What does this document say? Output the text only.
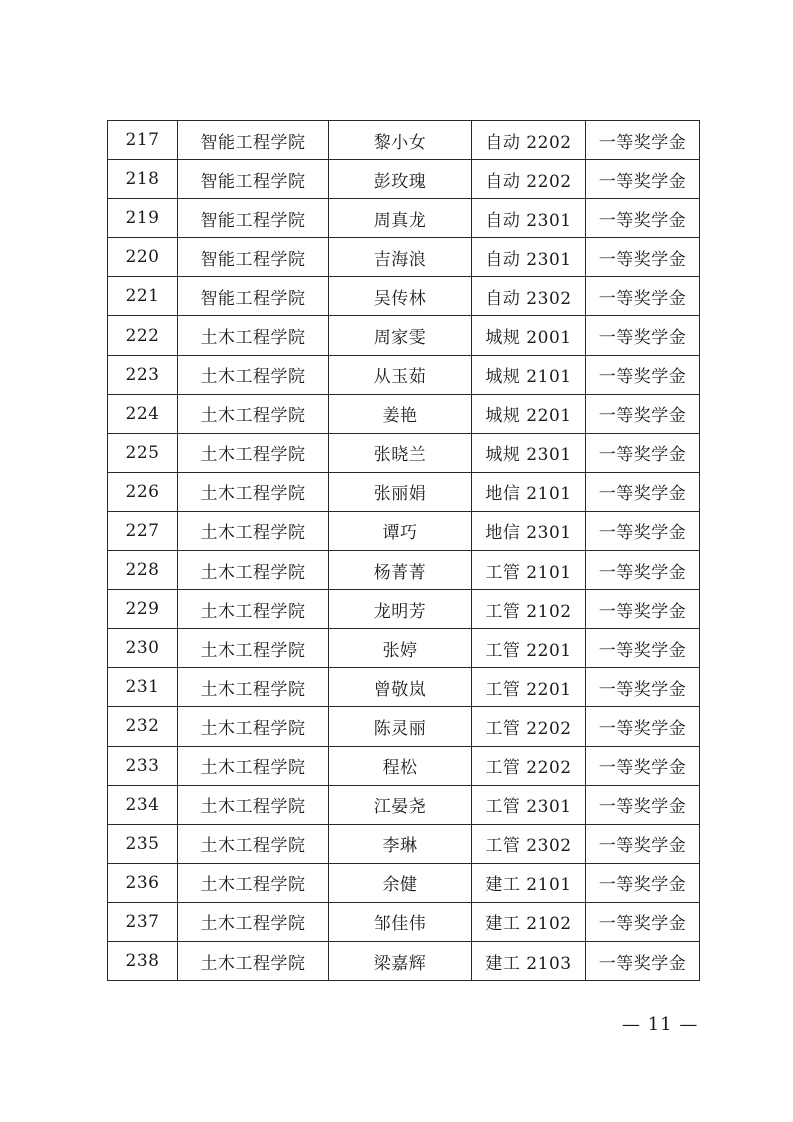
217	智能工程学院	黎小女	自动 2202	一等奖学金
218	智能工程学院	彭玫瑰	自动 2202	一等奖学金
219	智能工程学院	周真龙	自动 2301	一等奖学金
220	智能工程学院	吉海浪	自动 2301	一等奖学金
221	智能工程学院	吴传林	自动 2302	一等奖学金
222	土木工程学院	周家雯	城规 2001	一等奖学金
223	土木工程学院	从玉茹	城规 2101	一等奖学金
224	土木工程学院	姜艳	城规 2201	一等奖学金
225	土木工程学院	张晓兰	城规 2301	一等奖学金
226	土木工程学院	张丽娟	地信 2101	一等奖学金
227	土木工程学院	谭巧	地信 2301	一等奖学金
228	土木工程学院	杨菁菁	工管 2101	一等奖学金
229	土木工程学院	龙明芳	工管 2102	一等奖学金
230	土木工程学院	张婷	工管 2201	一等奖学金
231	土木工程学院	曾敬岚	工管 2201	一等奖学金
232	土木工程学院	陈灵丽	工管 2202	一等奖学金
233	土木工程学院	程松	工管 2202	一等奖学金
234	土木工程学院	江晏尧	工管 2301	一等奖学金
235	土木工程学院	李琳	工管 2302	一等奖学金
236	土木工程学院	余健	建工 2101	一等奖学金
237	土木工程学院	邹佳伟	建工 2102	一等奖学金
238	土木工程学院	梁嘉辉	建工 2103	一等奖学金
— 11 —
